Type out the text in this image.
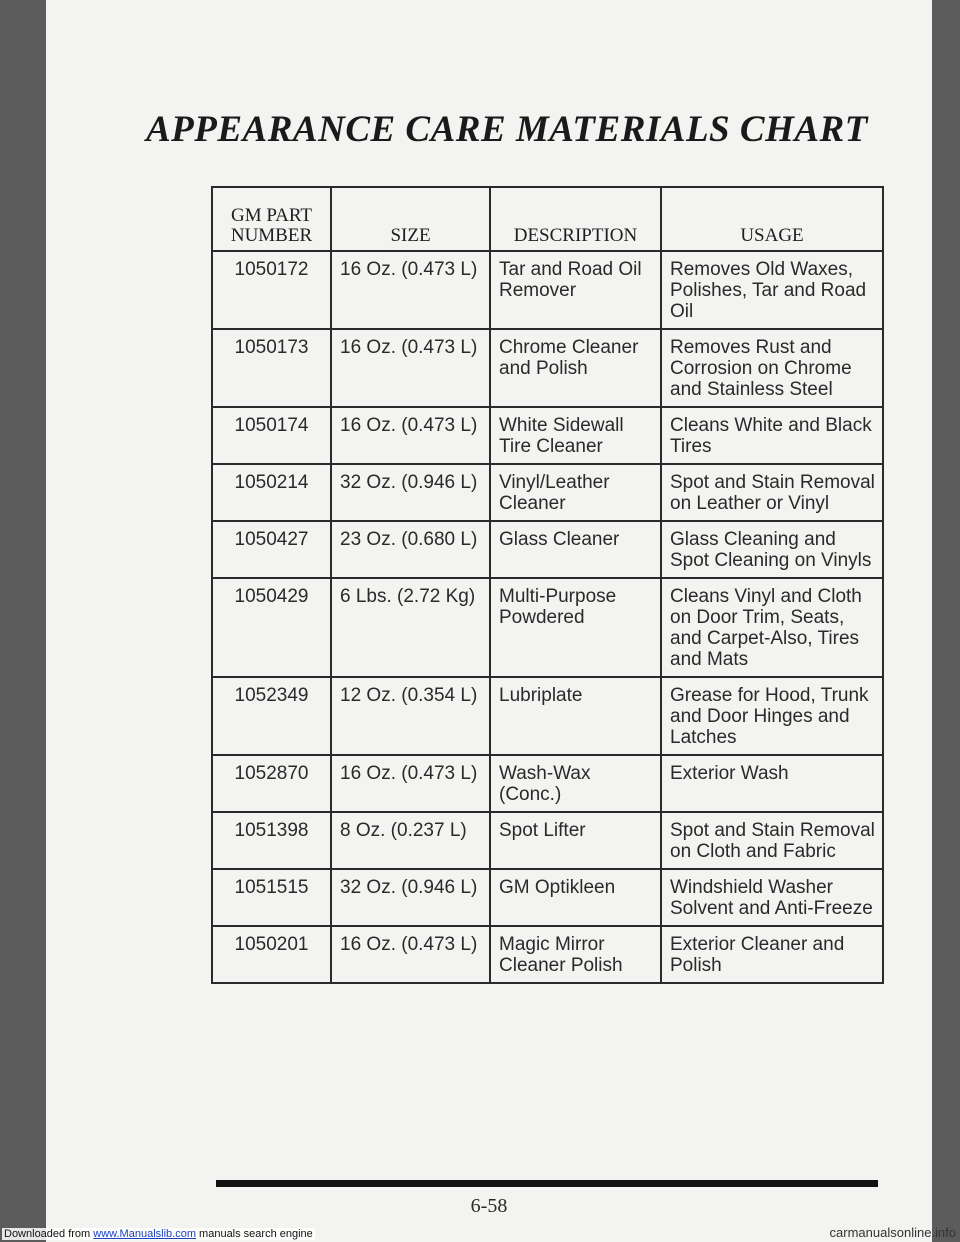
APPEARANCE CARE MATERIALS CHART
GM PART NUMBER	SIZE	DESCRIPTION	USAGE
1050172	16 Oz. (0.473 L)	Tar and Road Oil Remover	Removes Old Waxes, Polishes, Tar and Road Oil
1050173	16 Oz. (0.473 L)	Chrome Cleaner and Polish	Removes Rust and Corrosion on Chrome and Stainless Steel
1050174	16 Oz. (0.473 L)	White Sidewall Tire Cleaner	Cleans White and Black Tires
1050214	32 Oz. (0.946 L)	Vinyl/Leather Cleaner	Spot and Stain Removal on Leather or Vinyl
1050427	23 Oz. (0.680 L)	Glass Cleaner	Glass Cleaning and Spot Cleaning on Vinyls
1050429	6 Lbs. (2.72 Kg)	Multi-Purpose Powdered	Cleans Vinyl and Cloth on Door Trim, Seats, and Carpet-Also, Tires and Mats
1052349	12 Oz. (0.354 L)	Lubriplate	Grease for Hood, Trunk and Door Hinges and Latches
1052870	16 Oz. (0.473 L)	Wash-Wax (Conc.)	Exterior Wash
1051398	8 Oz. (0.237 L)	Spot Lifter	Spot and Stain Removal on Cloth and Fabric
1051515	32 Oz. (0.946 L)	GM Optikleen	Windshield Washer Solvent and Anti-Freeze
1050201	16 Oz. (0.473 L)	Magic Mirror Cleaner Polish	Exterior Cleaner and Polish
6-58
Downloaded from www.Manualslib.com manuals search engine	carmanualsonline.info
